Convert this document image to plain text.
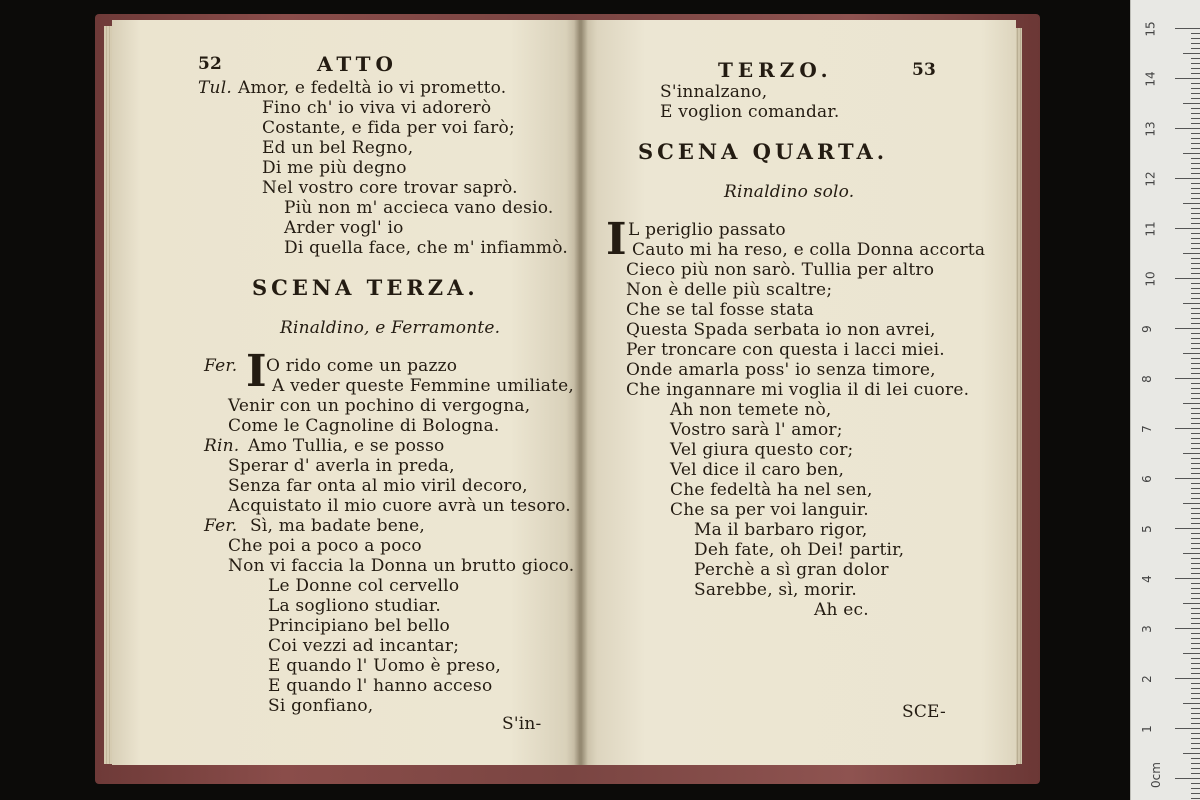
52	ATTO
Tul. Amor, e fedeltà io vi prometto.
Fino ch' io viva vi adorerò
Costante, e fida per voi farò;
Ed un bel Regno,
Di me più degno
Nel vostro core trovar saprò.
Più non m' accieca vano desio.
Arder vogl' io
Di quella face, che m' infiammò.
SCENA TERZA.
Rinaldino, e Ferramonte.
Fer. I O rido come un pazzo
A veder queste Femmine umiliate,
Venir con un pochino di vergogna,
Come le Cagnoline di Bologna.
Rin. Amo Tullia, e se posso
Sperar d' averla in preda,
Senza far onta al mio viril decoro,
Acquistato il mio cuore avrà un tesoro.
Fer. Sì, ma badate bene,
Che poi a poco a poco
Non vi faccia la Donna un brutto gioco.
Le Donne col cervello
La sogliono studiar.
Principiano bel bello
Coi vezzi ad incantar;
E quando l' Uomo è preso,
E quando l' hanno acceso
Si gonfiano,
S'in-
TERZO.	53
S'innalzano,
E voglion comandar.
SCENA QUARTA.
Rinaldino solo.
I L periglio passato
Cauto mi ha reso, e colla Donna accorta
Cieco più non sarò. Tullia per altro
Non è delle più scaltre;
Che se tal fosse stata
Questa Spada serbata io non avrei,
Per troncare con questa i lacci miei.
Onde amarla poss' io senza timore,
Che ingannare mi voglia il di lei cuore.
Ah non temete nò,
Vostro sarà l' amor;
Vel giura questo cor;
Vel dice il caro ben,
Che fedeltà ha nel sen,
Che sa per voi languir.
Ma il barbaro rigor,
Deh fate, oh Dei! partir,
Perchè a sì gran dolor
Sarebbe, sì, morir.
Ah ec.
SCE-
15
14
13
12
11
10
9
8
7
6
5
4
3
2
1
0cm
